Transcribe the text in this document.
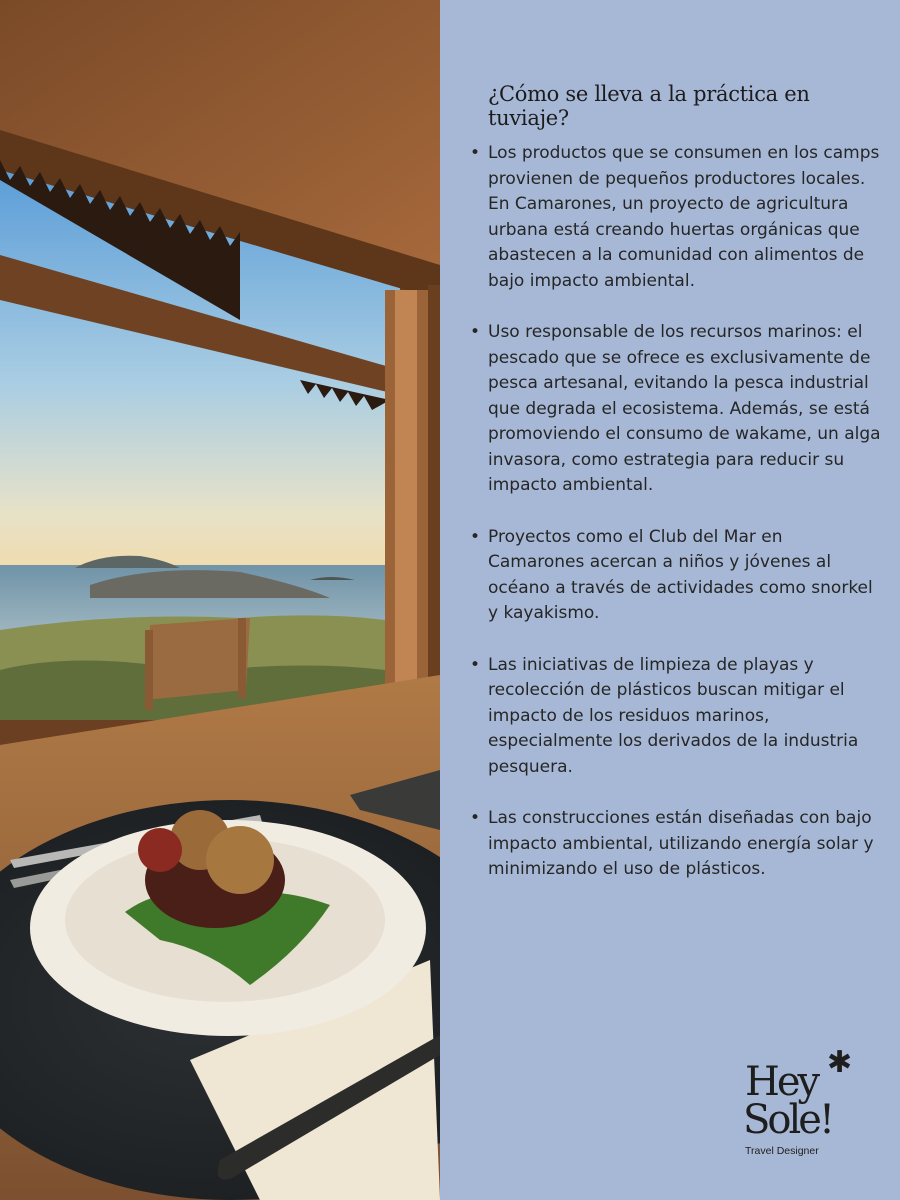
¿Cómo se lleva a la práctica en tuviaje?
• Los productos que se consumen en los camps provienen de pequeños productores locales. En Camarones, un proyecto de agricultura urbana está creando huertas orgánicas que abastecen a la comunidad con alimentos de bajo impacto ambiental.
• Uso responsable de los recursos marinos: el pescado que se ofrece es exclusivamente de pesca artesanal, evitando la pesca industrial que degrada el ecosistema. Además, se está promoviendo el consumo de wakame, un alga invasora, como estrategia para reducir su impacto ambiental.
• Proyectos como el Club del Mar en Camarones acercan a niños y jóvenes al océano a través de actividades como snorkel y kayakismo.
• Las iniciativas de limpieza de playas y recolección de plásticos buscan mitigar el impacto de los residuos marinos, especialmente los derivados de la industria pesquera.
• Las construcciones están diseñadas con bajo impacto ambiental, utilizando energía solar y minimizando el uso de plásticos.
✱
Hey
Sole!
Travel Designer
